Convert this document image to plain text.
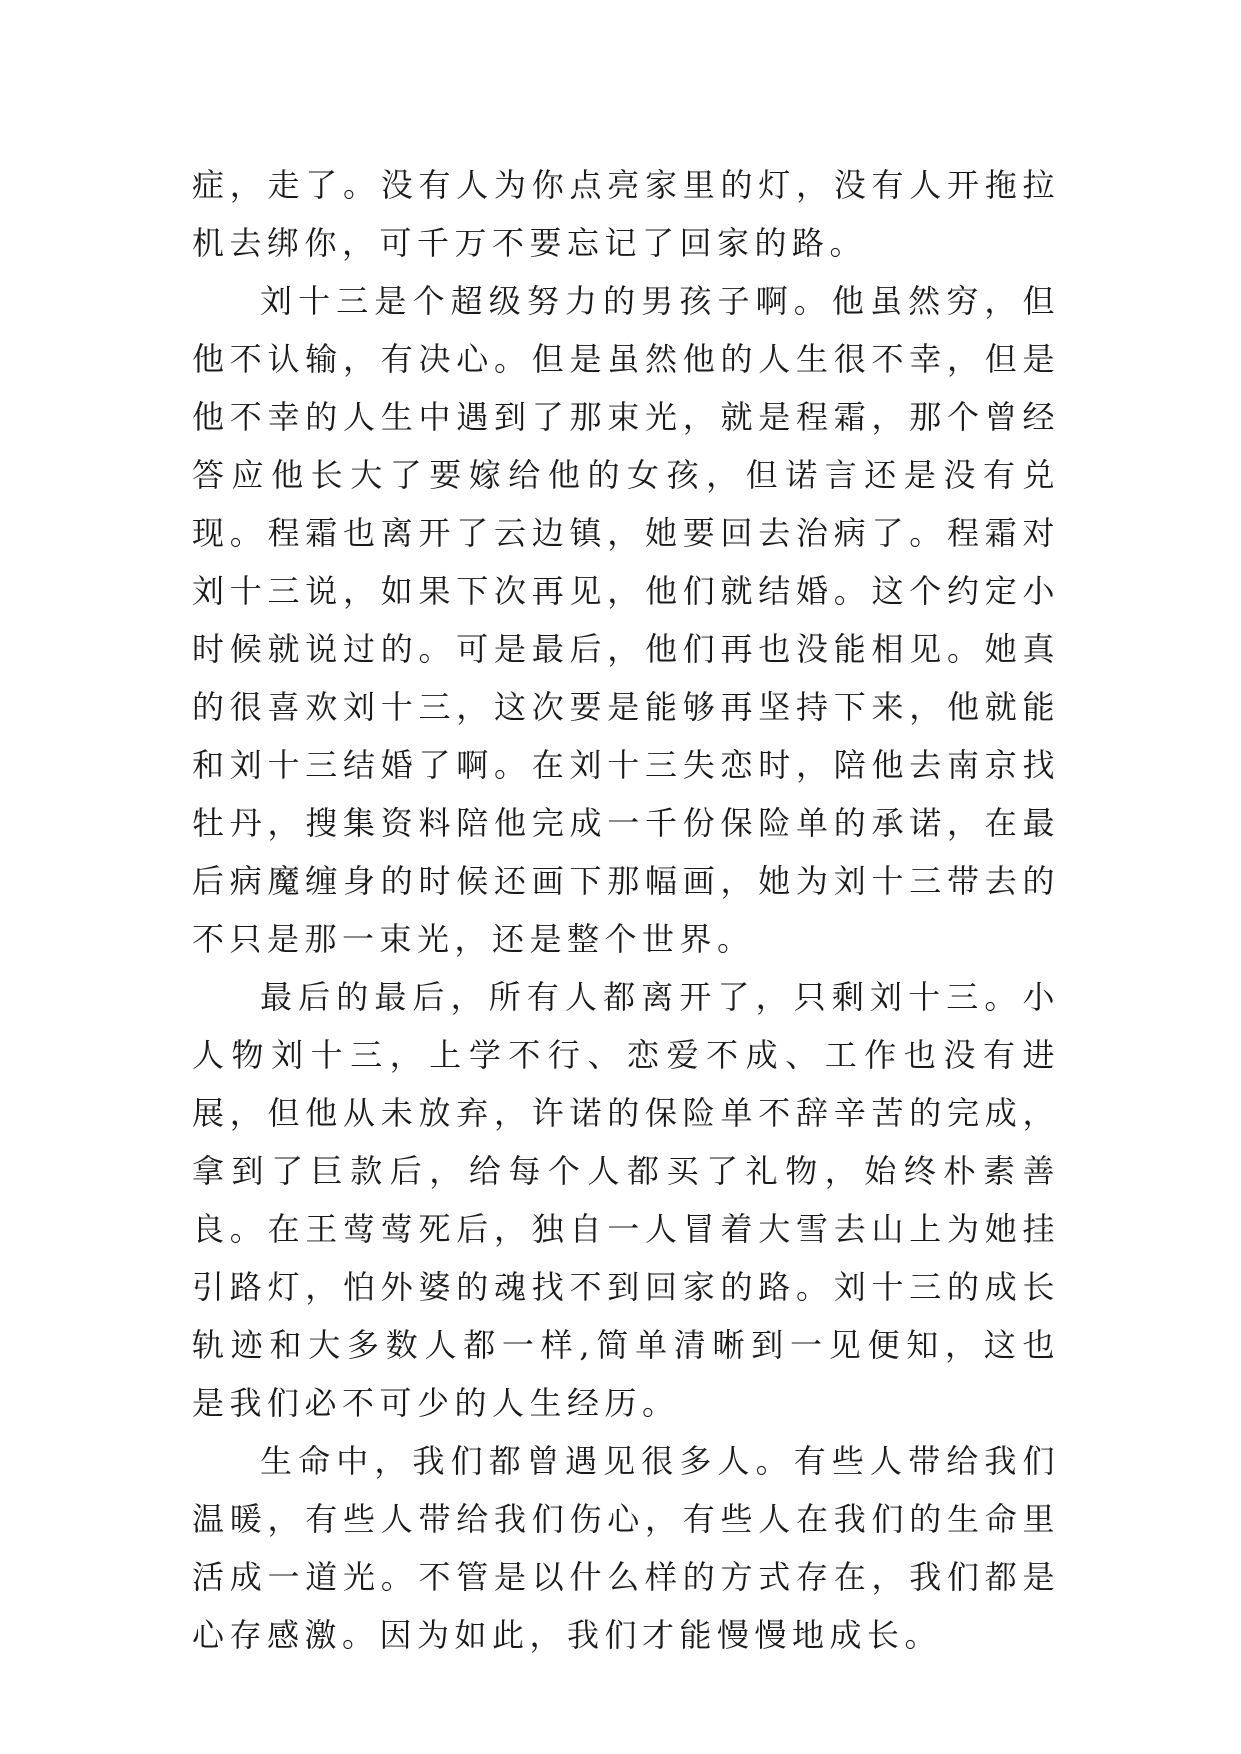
症，走了。没有人为你点亮家里的灯，没有人开拖拉机去绑你，可千万不要忘记了回家的路。

刘十三是个超级努力的男孩子啊。他虽然穷，但他不认输，有决心。但是虽然他的人生很不幸，但是他不幸的人生中遇到了那束光，就是程霜，那个曾经答应他长大了要嫁给他的女孩，但诺言还是没有兑现。程霜也离开了云边镇，她要回去治病了。程霜对刘十三说，如果下次再见，他们就结婚。这个约定小时候就说过的。可是最后，他们再也没能相见。她真的很喜欢刘十三，这次要是能够再坚持下来，他就能和刘十三结婚了啊。在刘十三失恋时，陪他去南京找牡丹，搜集资料陪他完成一千份保险单的承诺，在最后病魔缠身的时候还画下那幅画，她为刘十三带去的不只是那一束光，还是整个世界。

最后的最后，所有人都离开了，只剩刘十三。小人物刘十三，上学不行、恋爱不成、工作也没有进展，但他从未放弃，许诺的保险单不辞辛苦的完成，拿到了巨款后，给每个人都买了礼物，始终朴素善良。在王莺莺死后，独自一人冒着大雪去山上为她挂引路灯，怕外婆的魂找不到回家的路。刘十三的成长轨迹和大多数人都一样,简单清晰到一见便知，这也是我们必不可少的人生经历。

生命中，我们都曾遇见很多人。有些人带给我们温暖，有些人带给我们伤心，有些人在我们的生命里活成一道光。不管是以什么样的方式存在，我们都是心存感激。因为如此，我们才能慢慢地成长。
